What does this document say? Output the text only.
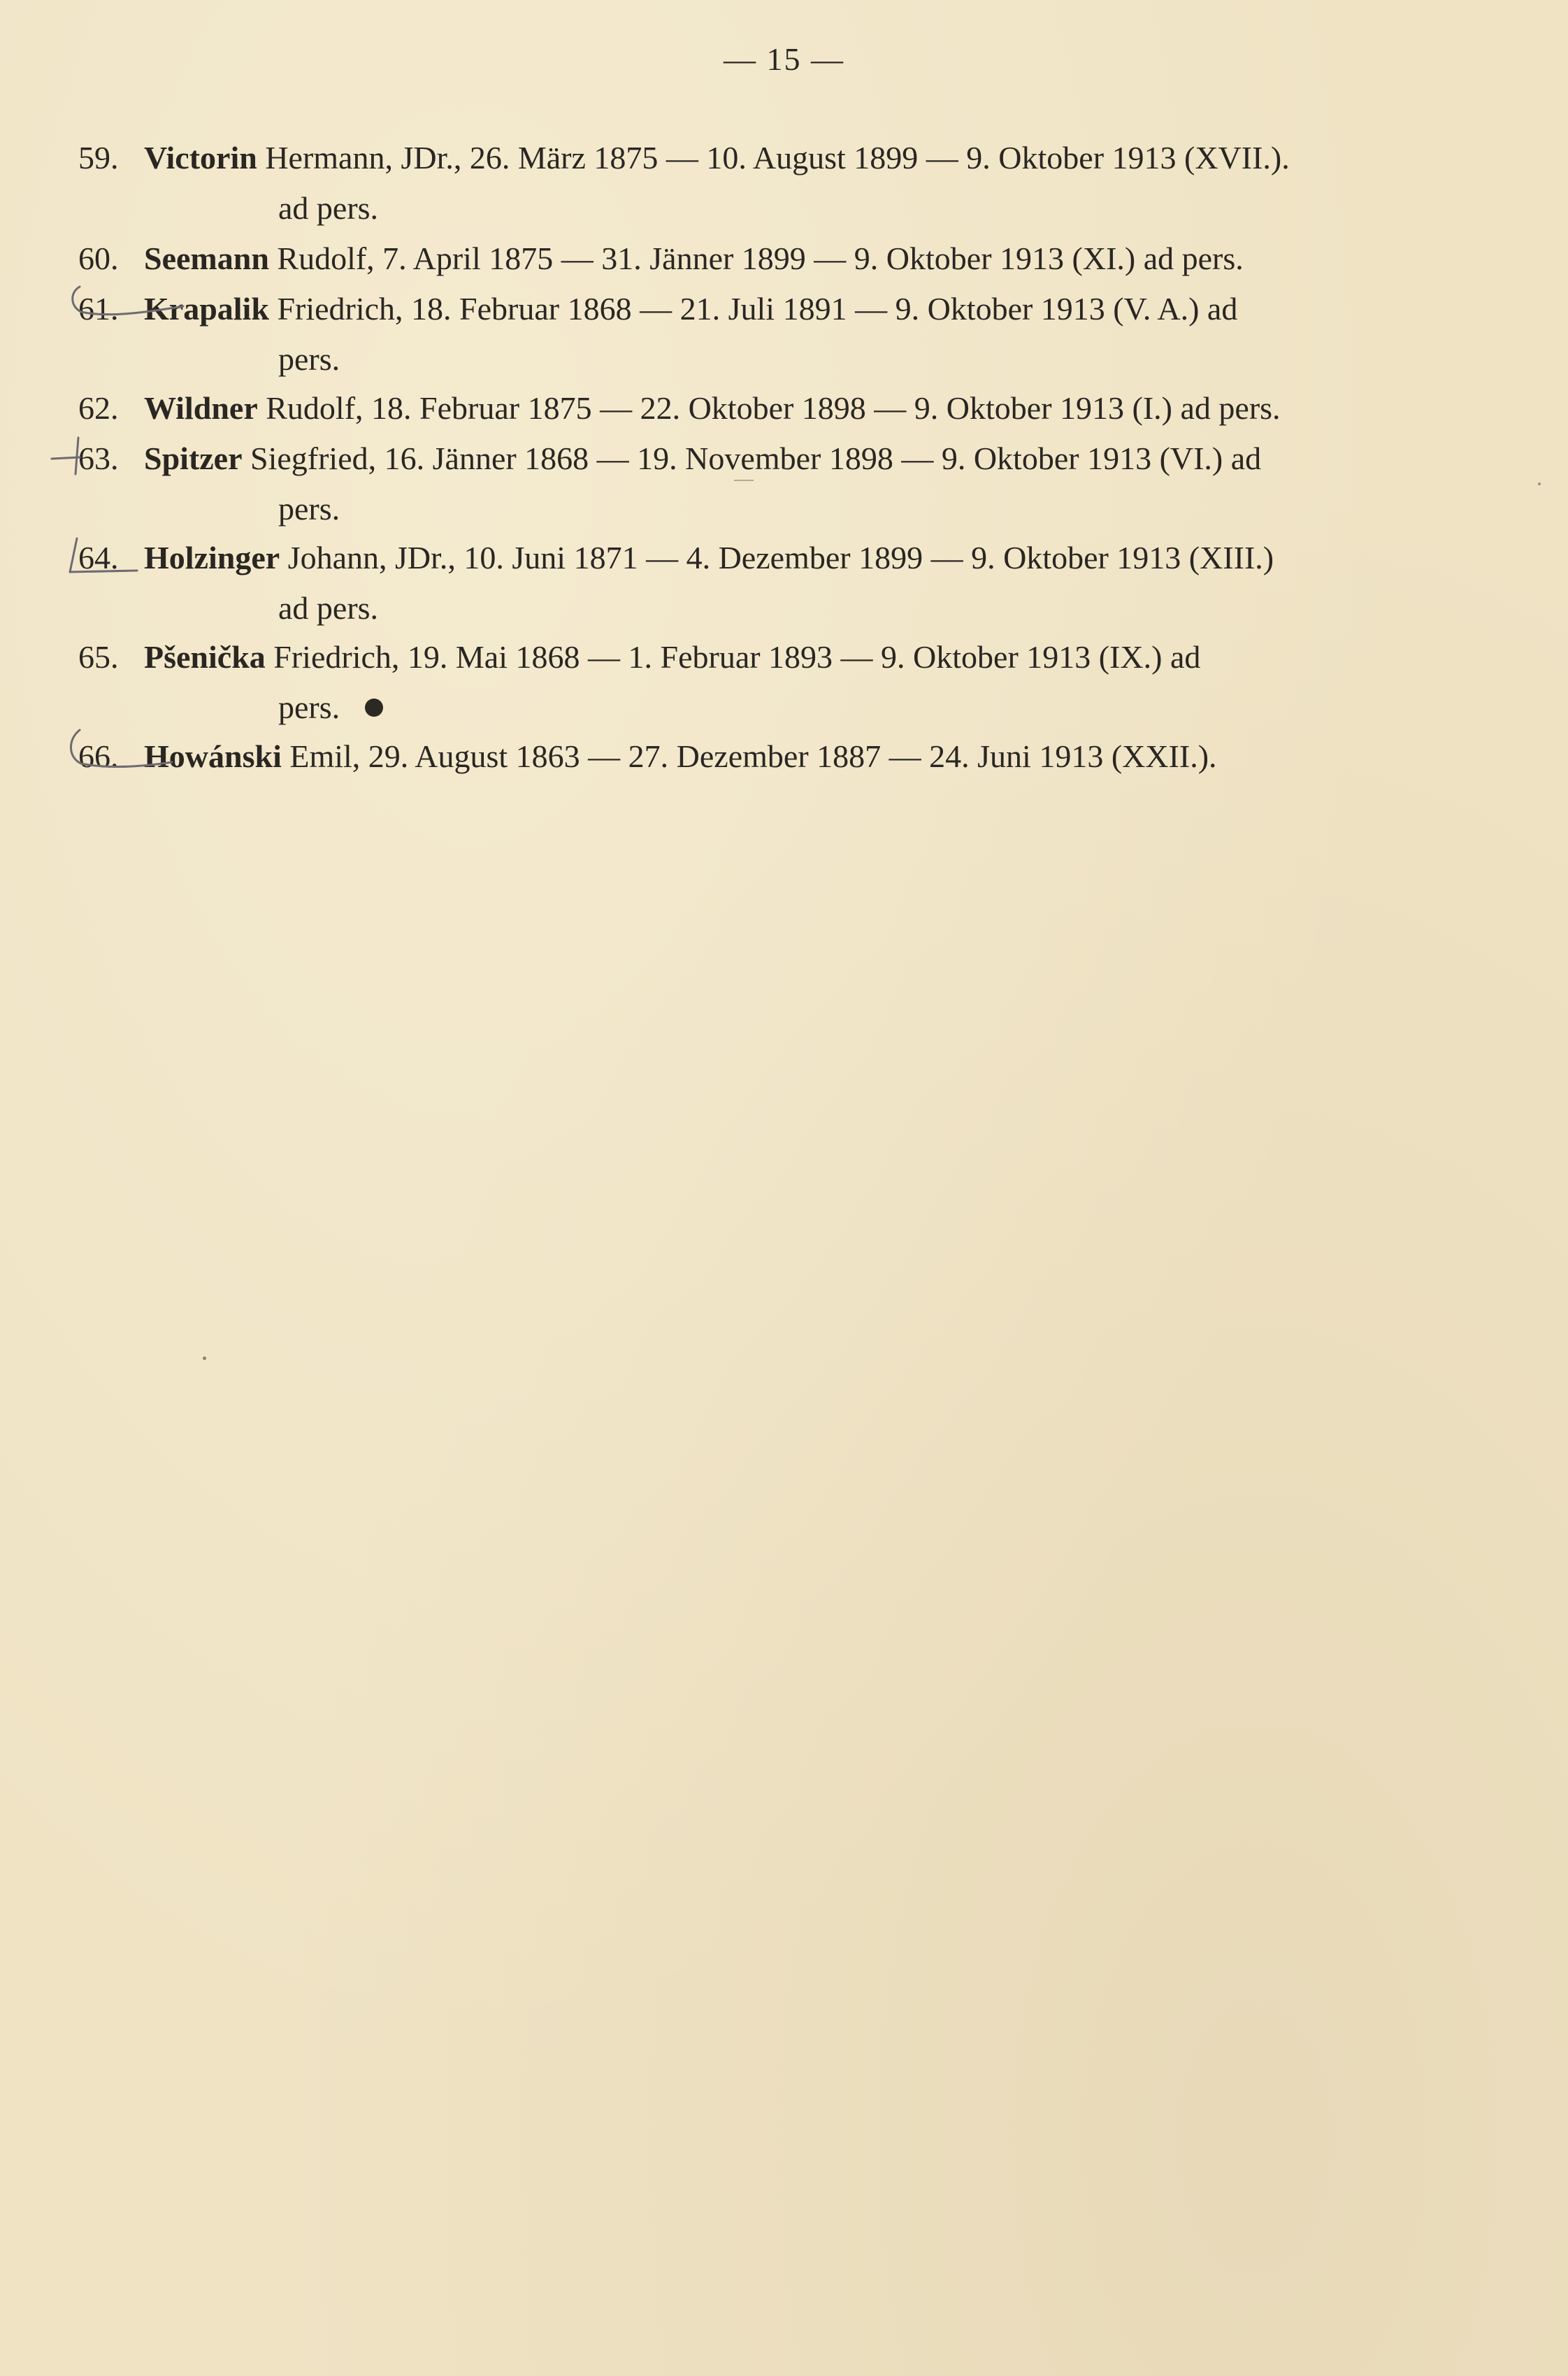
— 15 —
59. Victorin Hermann, JDr., 26. März 1875 — 10. August 1899 — 9. Oktober 1913 (XVII.).
ad pers.
60. Seemann Rudolf, 7. April 1875 — 31. Jänner 1899 — 9. Oktober 1913 (XI.) ad pers.
61. Krapalik Friedrich, 18. Februar 1868 — 21. Juli 1891 — 9. Oktober 1913 (V. A.) ad
pers.
62. Wildner Rudolf, 18. Februar 1875 — 22. Oktober 1898 — 9. Oktober 1913 (I.) ad pers.
63. Spitzer Siegfried, 16. Jänner 1868 — 19. November 1898 — 9. Oktober 1913 (VI.) ad
pers.
64. Holzinger Johann, JDr., 10. Juni 1871 — 4. Dezember 1899 — 9. Oktober 1913 (XIII.)
ad pers.
65. Pšenička Friedrich, 19. Mai 1868 — 1. Februar 1893 — 9. Oktober 1913 (IX.) ad
pers.
66. Howánski Emil, 29. August 1863 — 27. Dezember 1887 — 24. Juni 1913 (XXII.).
